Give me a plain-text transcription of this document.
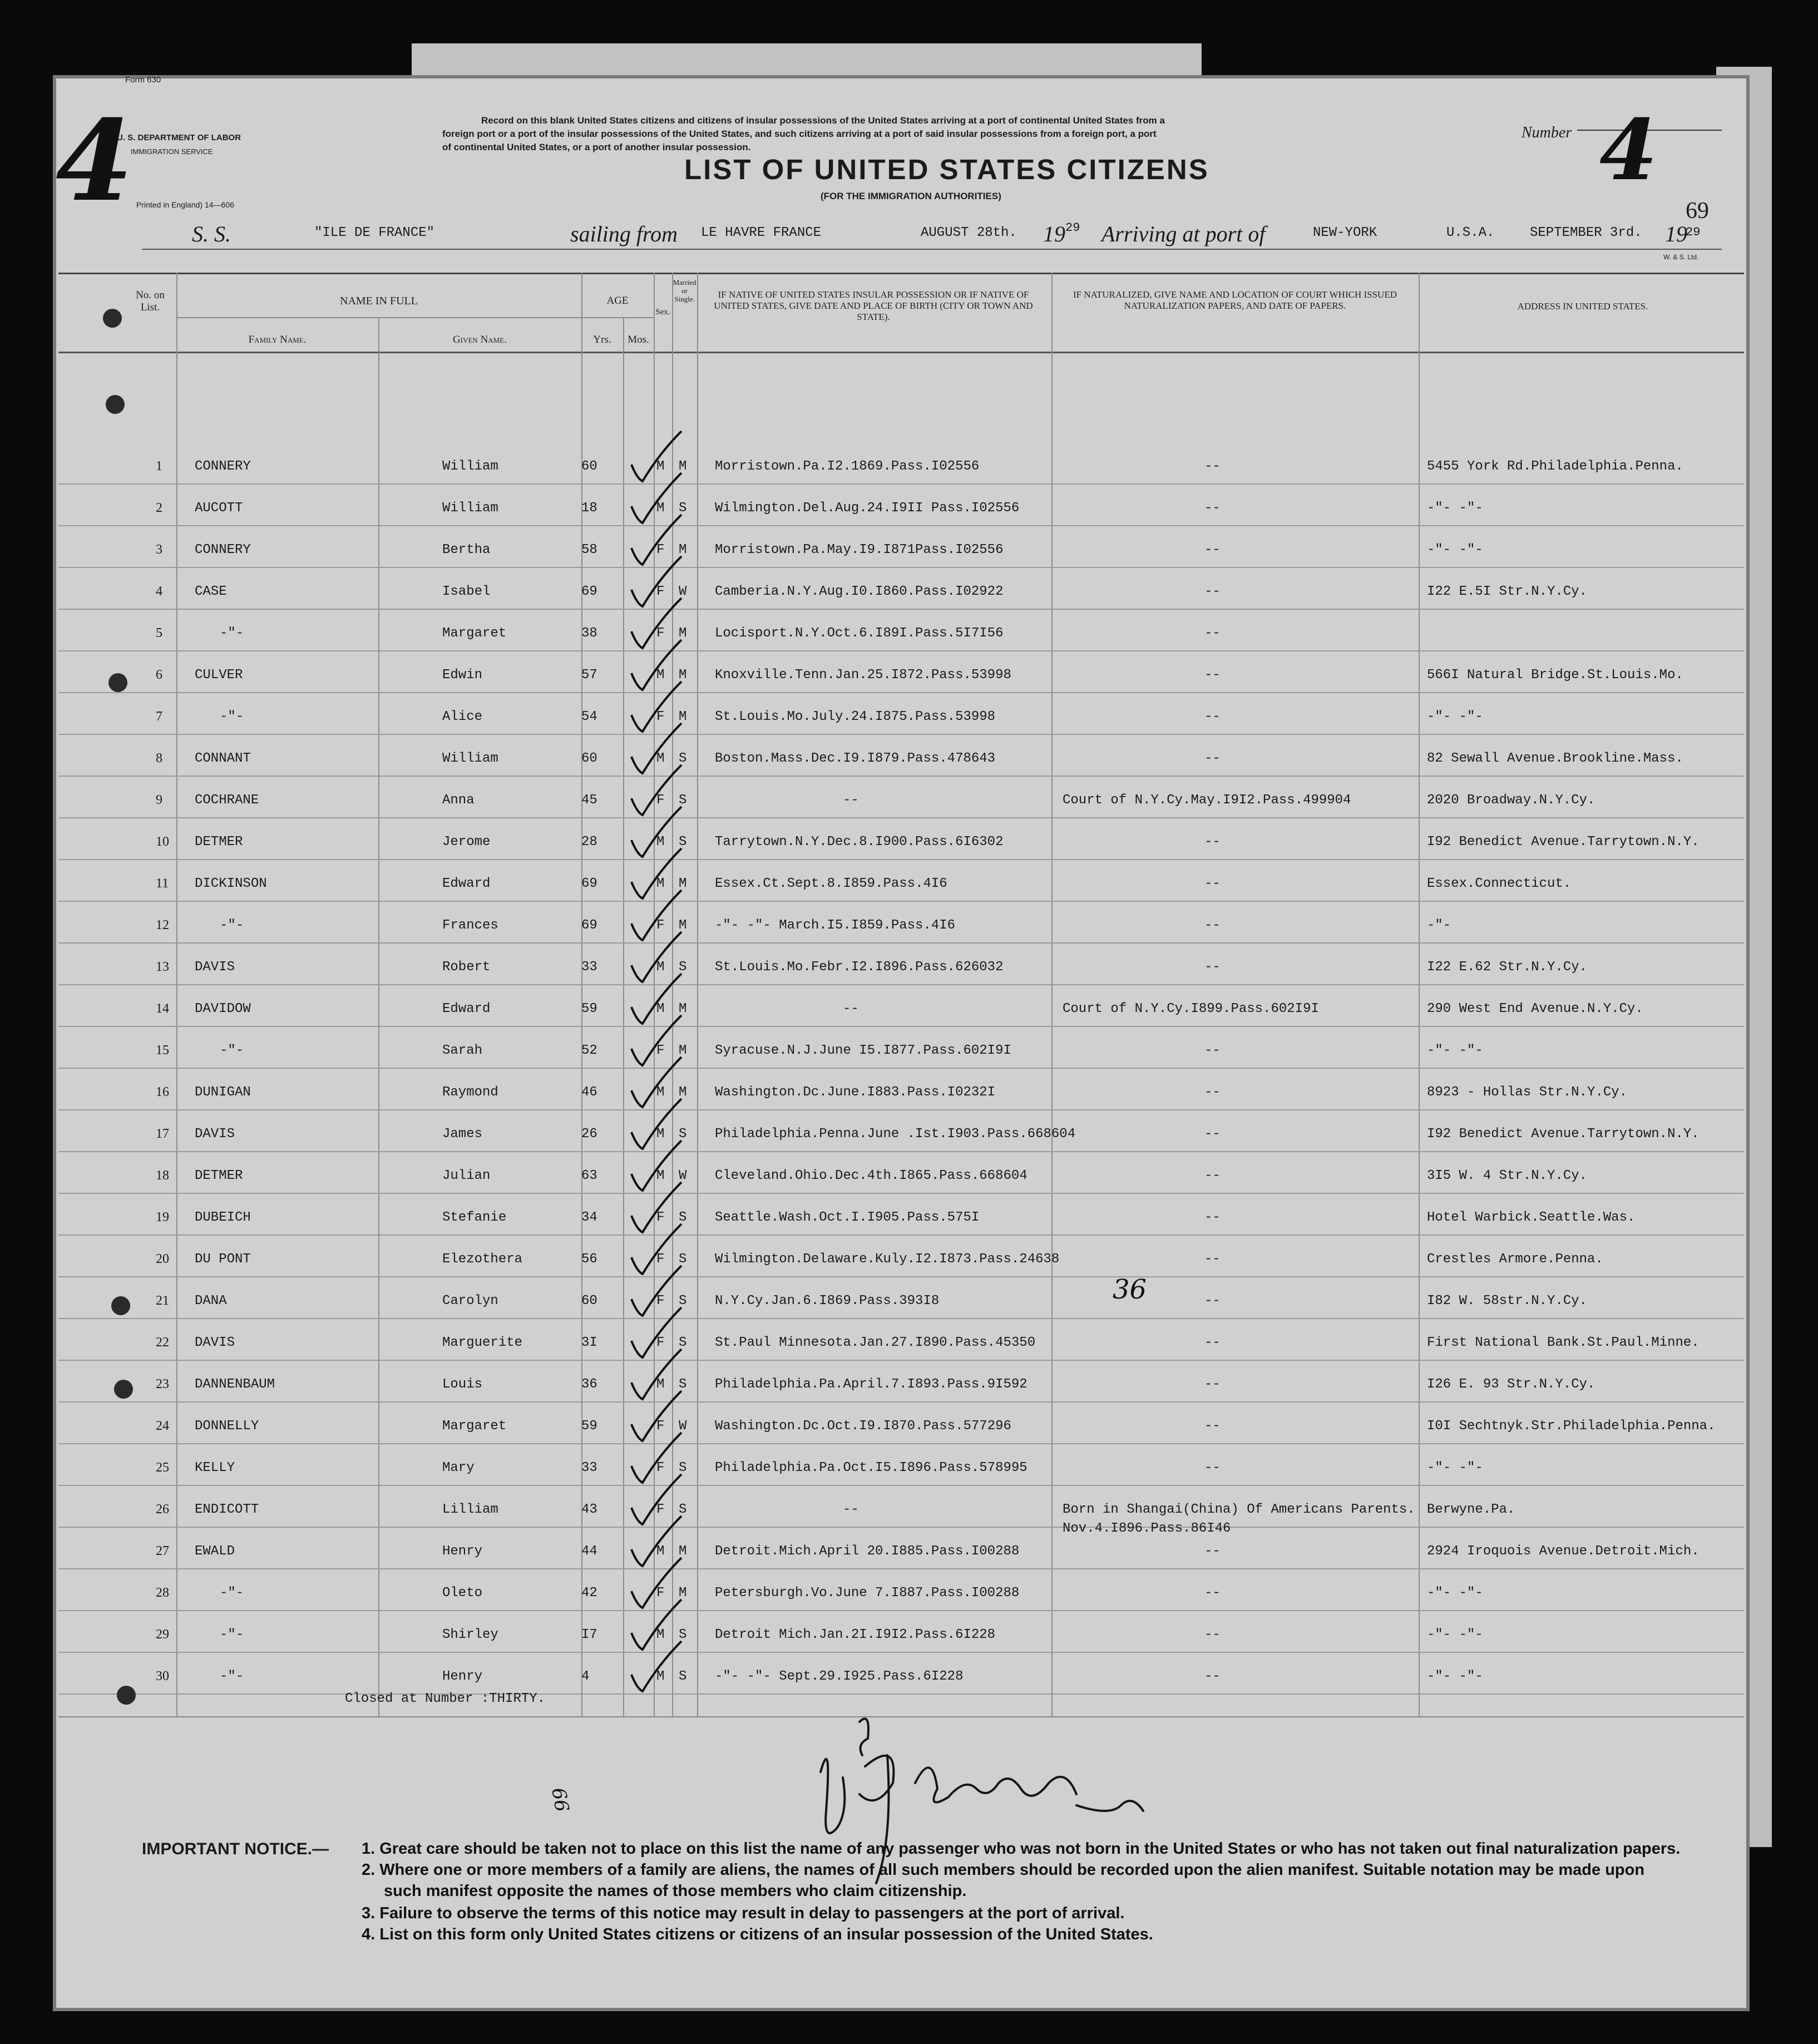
Form 630
U. S. DEPARTMENT OF LABOR
IMMIGRATION SERVICE
Printed in England) 14—606
4	Record on this blank United States citizens and citizens of insular possessions of the United States arriving at a port of continental United States from a
foreign port or a port of the insular possessions of the United States, and such citizens arriving at a port of said insular possessions from a foreign port, a port
of continental United States, or a port of another insular possession.
LIST OF UNITED STATES CITIZENS
(FOR THE IMMIGRATION AUTHORITIES)
Number 4
69
S. S.	"ILE DE FRANCE"	sailing from LE HAVRE FRANCE	AUGUST 28th. 19 29 Arriving at port of	NEW-YORK	U.S.A.	SEPTEMBER 3rd. 19
29
W. & S. Ltd.
No. on List.
NAME IN FULL
Family Name.	Given Name.
AGE
Yrs.	Mos.
Sex.
Married or Single.	IF NATIVE OF UNITED STATES INSULAR POSSESSION OR IF NATIVE OF UNITED STATES, GIVE DATE AND PLACE OF BIRTH (CITY OR TOWN AND STATE).
IF NATURALIZED, GIVE NAME AND LOCATION OF COURT WHICH ISSUED NATURALIZATION PAPERS, AND DATE OF PAPERS.	ADDRESS IN UNITED STATES.
1 CONNERY	William	60	M M Morristown.Pa.I2.1869.Pass.I02556	--	5455 York Rd.Philadelphia.Penna.
2 AUCOTT	William	18	M S Wilmington.Del.Aug.24.I9II Pass.I02556	--	-"- -"-
3 CONNERY	Bertha	58	F M Morristown.Pa.May.I9.I871Pass.I02556	--	-"- -"-
4 CASE	Isabel	69	F W Camberia.N.Y.Aug.I0.I860.Pass.I02922	--	I22 E.5I Str.N.Y.Cy.
5	-"-	Margaret	38	F M Locisport.N.Y.Oct.6.I89I.Pass.5I7I56	--
6 CULVER	Edwin	57	M M Knoxville.Tenn.Jan.25.I872.Pass.53998	--	566I Natural Bridge.St.Louis.Mo.
7	-"-	Alice	54	F M St.Louis.Mo.July.24.I875.Pass.53998	--	-"- -"-
8 CONNANT	William	60	M S Boston.Mass.Dec.I9.I879.Pass.478643	--	82 Sewall Avenue.Brookline.Mass.
9 COCHRANE	Anna	45	F S	--	Court of N.Y.Cy.May.I9I2.Pass.499904	2020 Broadway.N.Y.Cy.
10 DETMER	Jerome	28	M S Tarrytown.N.Y.Dec.8.I900.Pass.6I6302	--	I92 Benedict Avenue.Tarrytown.N.Y.
11 DICKINSON	Edward	69	M M Essex.Ct.Sept.8.I859.Pass.4I6	--	Essex.Connecticut.
12	-"-	Frances	69	F M -"- -"- March.I5.I859.Pass.4I6	--	-"-
13 DAVIS	Robert	33	M S St.Louis.Mo.Febr.I2.I896.Pass.626032	--	I22 E.62 Str.N.Y.Cy.
14 DAVIDOW	Edward	59	M M	--	Court of N.Y.Cy.I899.Pass.602I9I	290 West End Avenue.N.Y.Cy.
15	-"-	Sarah	52	F M Syracuse.N.J.June I5.I877.Pass.602I9I	--	-"- -"-
16 DUNIGAN	Raymond	46	M M Washington.Dc.June.I883.Pass.I0232I	--	8923 - Hollas Str.N.Y.Cy.
17 DAVIS	James	26	M S Philadelphia.Penna.June .Ist.I903.Pass.668604	--	I92 Benedict Avenue.Tarrytown.N.Y.
18 DETMER	Julian	63	M W Cleveland.Ohio.Dec.4th.I865.Pass.668604	--	3I5 W. 4 Str.N.Y.Cy.
19 DUBEICH	Stefanie	34	F S Seattle.Wash.Oct.I.I905.Pass.575I	--	Hotel Warbick.Seattle.Was.
20 DU PONT	Elezothera	56	F S Wilmington.Delaware.Kuly.I2.I873.Pass.24638	--	Crestles Armore.Penna.
21 DANA	Carolyn	60	F S N.Y.Cy.Jan.6.I869.Pass.393I8	--	I82 W. 58str.N.Y.Cy.
22 DAVIS	Marguerite	3I	F S St.Paul Minnesota.Jan.27.I890.Pass.45350	--	First National Bank.St.Paul.Minne.
23 DANNENBAUM	Louis	36	M S Philadelphia.Pa.April.7.I893.Pass.9I592	--	I26 E. 93 Str.N.Y.Cy.
24 DONNELLY	Margaret	59	F W Washington.Dc.Oct.I9.I870.Pass.577296	--	I0I Sechtnyk.Str.Philadelphia.Penna.
25 KELLY	Mary	33	F S Philadelphia.Pa.Oct.I5.I896.Pass.578995	--	-"- -"-
26 ENDICOTT	Lilliam	43	F S	--	Born in Shangai(China) Of Americans Parents. Berwyne.Pa.
Nov.4.I896.Pass.86I46
27 EWALD	Henry	44	M M Detroit.Mich.April 20.I885.Pass.I00288	--	2924 Iroquois Avenue.Detroit.Mich.
28	-"-	Oleto	42	F M Petersburgh.Vo.June 7.I887.Pass.I00288	--	-"- -"-
29	-"-	Shirley	I7	M S Detroit Mich.Jan.2I.I9I2.Pass.6I228	--	-"- -"-
30	-"-	Henry	4	M S -"- -"- Sept.29.I925.Pass.6I228	--	-"- -"-
Closed at Number :THIRTY.
36
66
IMPORTANT NOTICE.— 1. Great care should be taken not to place on this list the name of any passenger who was not born in the United States or who has not taken out final naturalization papers.
2. Where one or more members of a family are aliens, the names of all such members should be recorded upon the alien manifest. Suitable notation may be made upon
such manifest opposite the names of those members who claim citizenship.
3. Failure to observe the terms of this notice may result in delay to passengers at the port of arrival.
4. List on this form only United States citizens or citizens of an insular possession of the United States.
